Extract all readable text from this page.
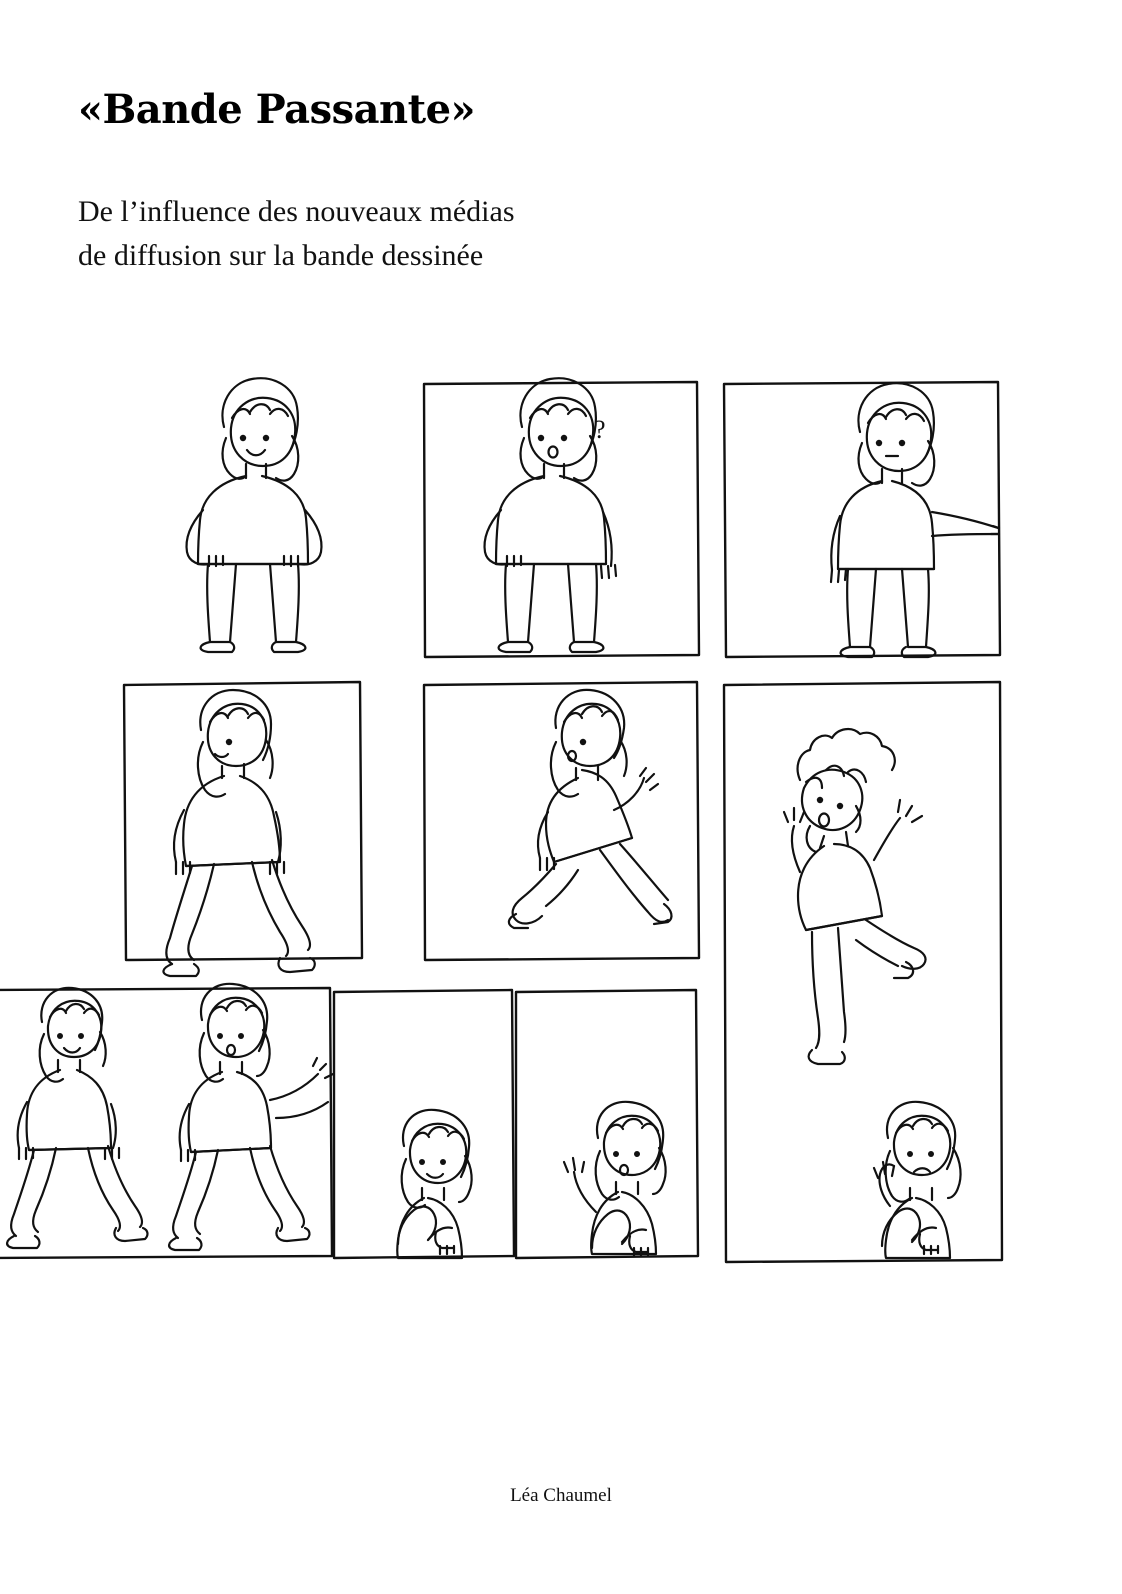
«Bande Passante»
De l’influence des nouveaux médias
de diffusion sur la bande dessinée
?
Léa Chaumel
